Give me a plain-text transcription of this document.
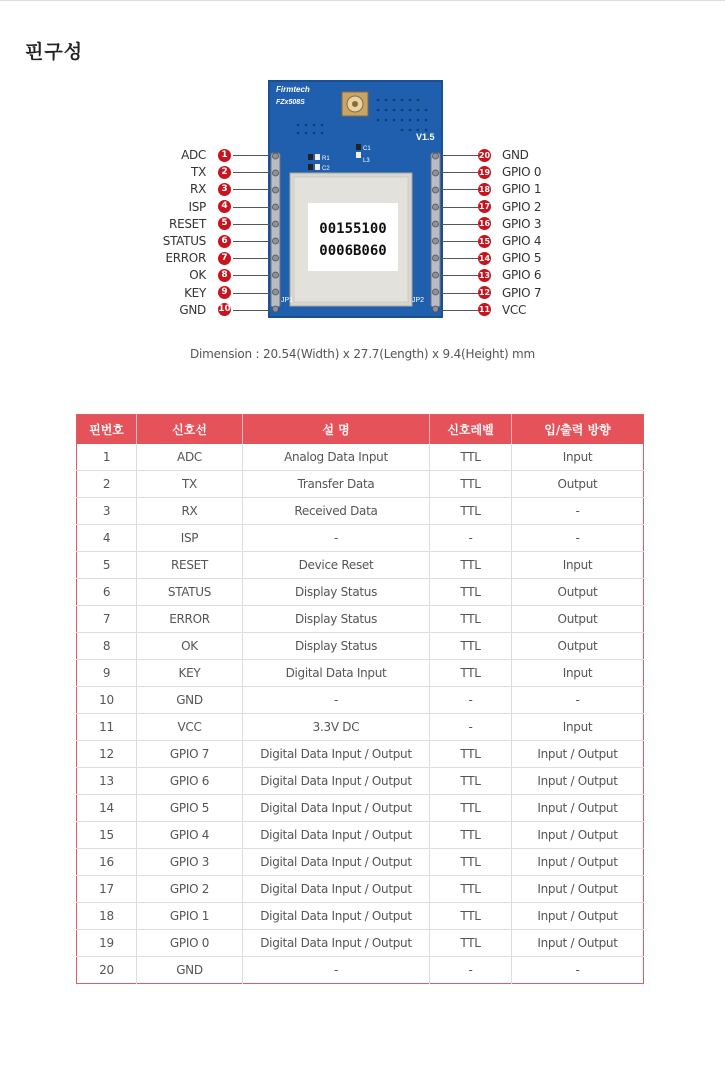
핀구성
Firmtech
FZx508S
V1.5
R1
C2
C1
L3
00155100
0006B060
JP1	JP2
ADC	1
TX	2
RX	3
ISP	4
RESET	5
STATUS	6
ERROR	7
OK	8
KEY	9
GND 10
20 GND
19 GPIO 0
18 GPIO 1
17 GPIO 2
16 GPIO 3
15 GPIO 4
14 GPIO 5
13 GPIO 6
12 GPIO 7
11 VCC
Dimension : 20.54(Width) x 27.7(Length) x 9.4(Height) mm
핀번호	신호선	설 명	신호레벨	입/출력 방향
1	ADC	Analog Data Input	TTL	Input
2	TX	Transfer Data	TTL	Output
3	RX	Received Data	TTL	-
4	ISP	-	-	-
5	RESET	Device Reset	TTL	Input
6	STATUS	Display Status	TTL	Output
7	ERROR	Display Status	TTL	Output
8	OK	Display Status	TTL	Output
9	KEY	Digital Data Input	TTL	Input
10	GND	-	-	-
11	VCC	3.3V DC	-	Input
12	GPIO 7	Digital Data Input / Output	TTL	Input / Output
13	GPIO 6	Digital Data Input / Output	TTL	Input / Output
14	GPIO 5	Digital Data Input / Output	TTL	Input / Output
15	GPIO 4	Digital Data Input / Output	TTL	Input / Output
16	GPIO 3	Digital Data Input / Output	TTL	Input / Output
17	GPIO 2	Digital Data Input / Output	TTL	Input / Output
18	GPIO 1	Digital Data Input / Output	TTL	Input / Output
19	GPIO 0	Digital Data Input / Output	TTL	Input / Output
20	GND	-	-	-
